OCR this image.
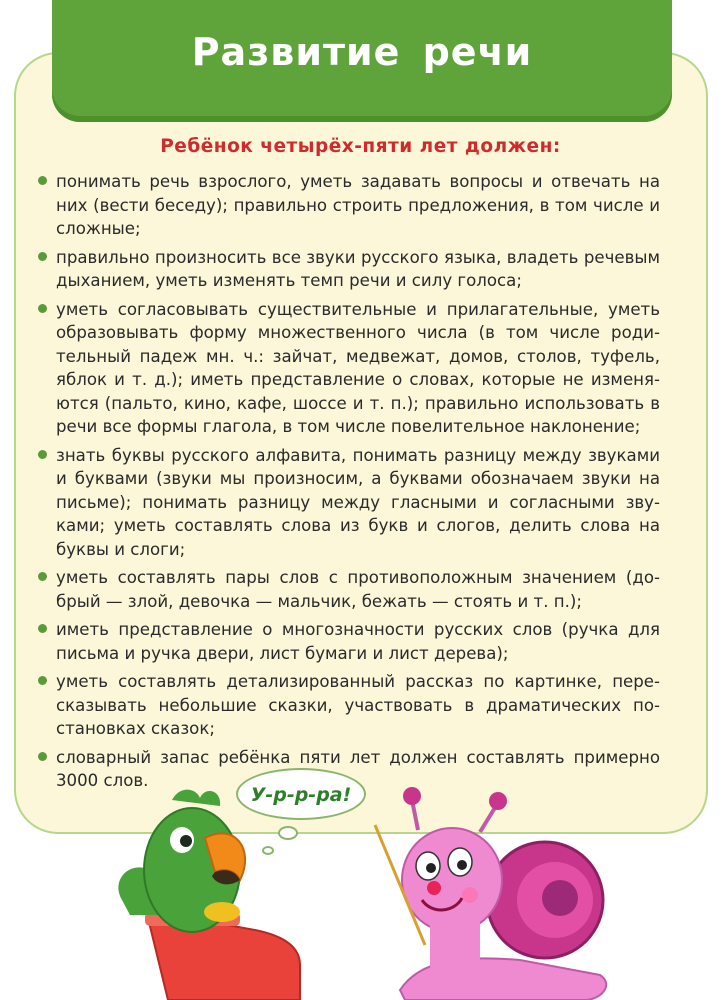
Развитие речи
Ребёнок четырёх-пяти лет должен:
понимать речь взрослого, уметь задавать вопросы и отвечать на них (вести беседу); правильно строить предложения, в том числе и сложные;
правильно произносить все звуки русского языка, владеть речевым дыханием, уметь изменять темп речи и силу голоса;
уметь согласовывать существительные и прилагательные, уметь образовывать форму множественного числа (в том числе родительный падеж мн. ч.: зайчат, медвежат, домов, столов, туфель, яблок и т. д.); иметь представление о словах, которые не изменяются (пальто, кино, кафе, шоссе и т. п.); правильно использовать в речи все формы глагола, в том числе повелительное наклонение;
знать буквы русского алфавита, понимать разницу между звуками и буквами (звуки мы произносим, а буквами обозначаем звуки на письме); понимать разницу между гласными и согласными звуками; уметь составлять слова из букв и слогов, делить слова на буквы и слоги;
уметь составлять пары слов с противоположным значением (добрый — злой, девочка — мальчик, бежать — стоять и т. п.);
иметь представление о многозначности русских слов (ручка для письма и ручка двери, лист бумаги и лист дерева);
уметь составлять детализированный рассказ по картинке, пересказывать небольшие сказки, участвовать в драматических постановках сказок;
словарный запас ребёнка пяти лет должен составлять примерно 3000 слов.
У-р-р-ра!
